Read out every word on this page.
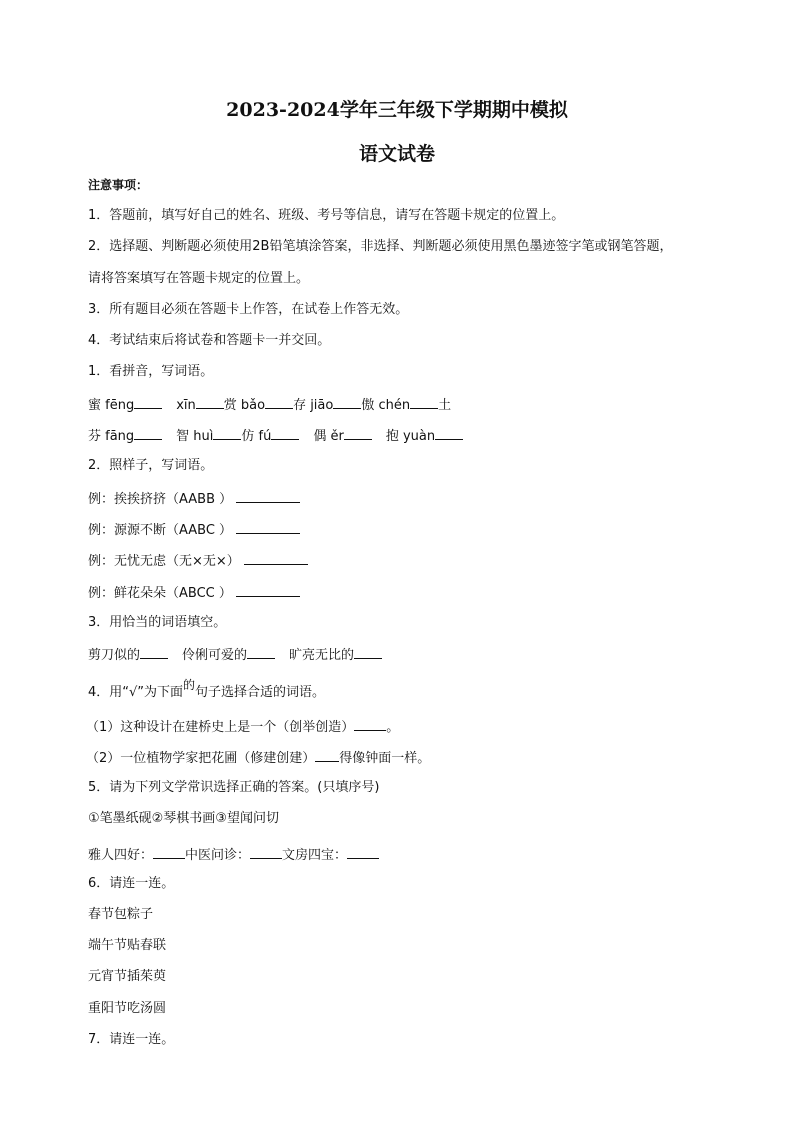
2023-2024学年三年级下学期期中模拟
语文试卷
注意事项：
1．答题前，填写好自己的姓名、班级、考号等信息，请写在答题卡规定的位置上。
2．选择题、判断题必须使用2B铅笔填涂答案，非选择、判断题必须使用黑色墨迹签字笔或钢笔答题，
请将答案填写在答题卡规定的位置上。
3．所有题目必须在答题卡上作答，在试卷上作答无效。
4．考试结束后将试卷和答题卡一并交回。
1．看拼音，写词语。
蜜 fēng	xīn 赏 bǎo 存 jiāo 傲 chén 土
芬 fāng	智 huì 仿 fú	偶 ěr	抱 yuàn
2．照样子，写词语。
例：挨挨挤挤（AABB ）
例：源源不断（AABC ）
例：无忧无虑（无×无×）
例：鲜花朵朵（ABCC ）
3．用恰当的词语填空。
剪刀似的	伶俐可爱的	旷亮无比的
4．用“√”为下面的句子选择合适的词语。
（1）这种设计在建桥史上是一个（创举创造） 。
（2）一位植物学家把花圃（修建创建） 得像钟面一样。
5．请为下列文学常识选择正确的答案。(只填序号)
①笔墨纸砚②琴棋书画③望闻问切
雅人四好： 中医问诊： 文房四宝：
6．请连一连。
春节包粽子
端午节贴春联
元宵节插茱萸
重阳节吃汤圆
7．请连一连。
